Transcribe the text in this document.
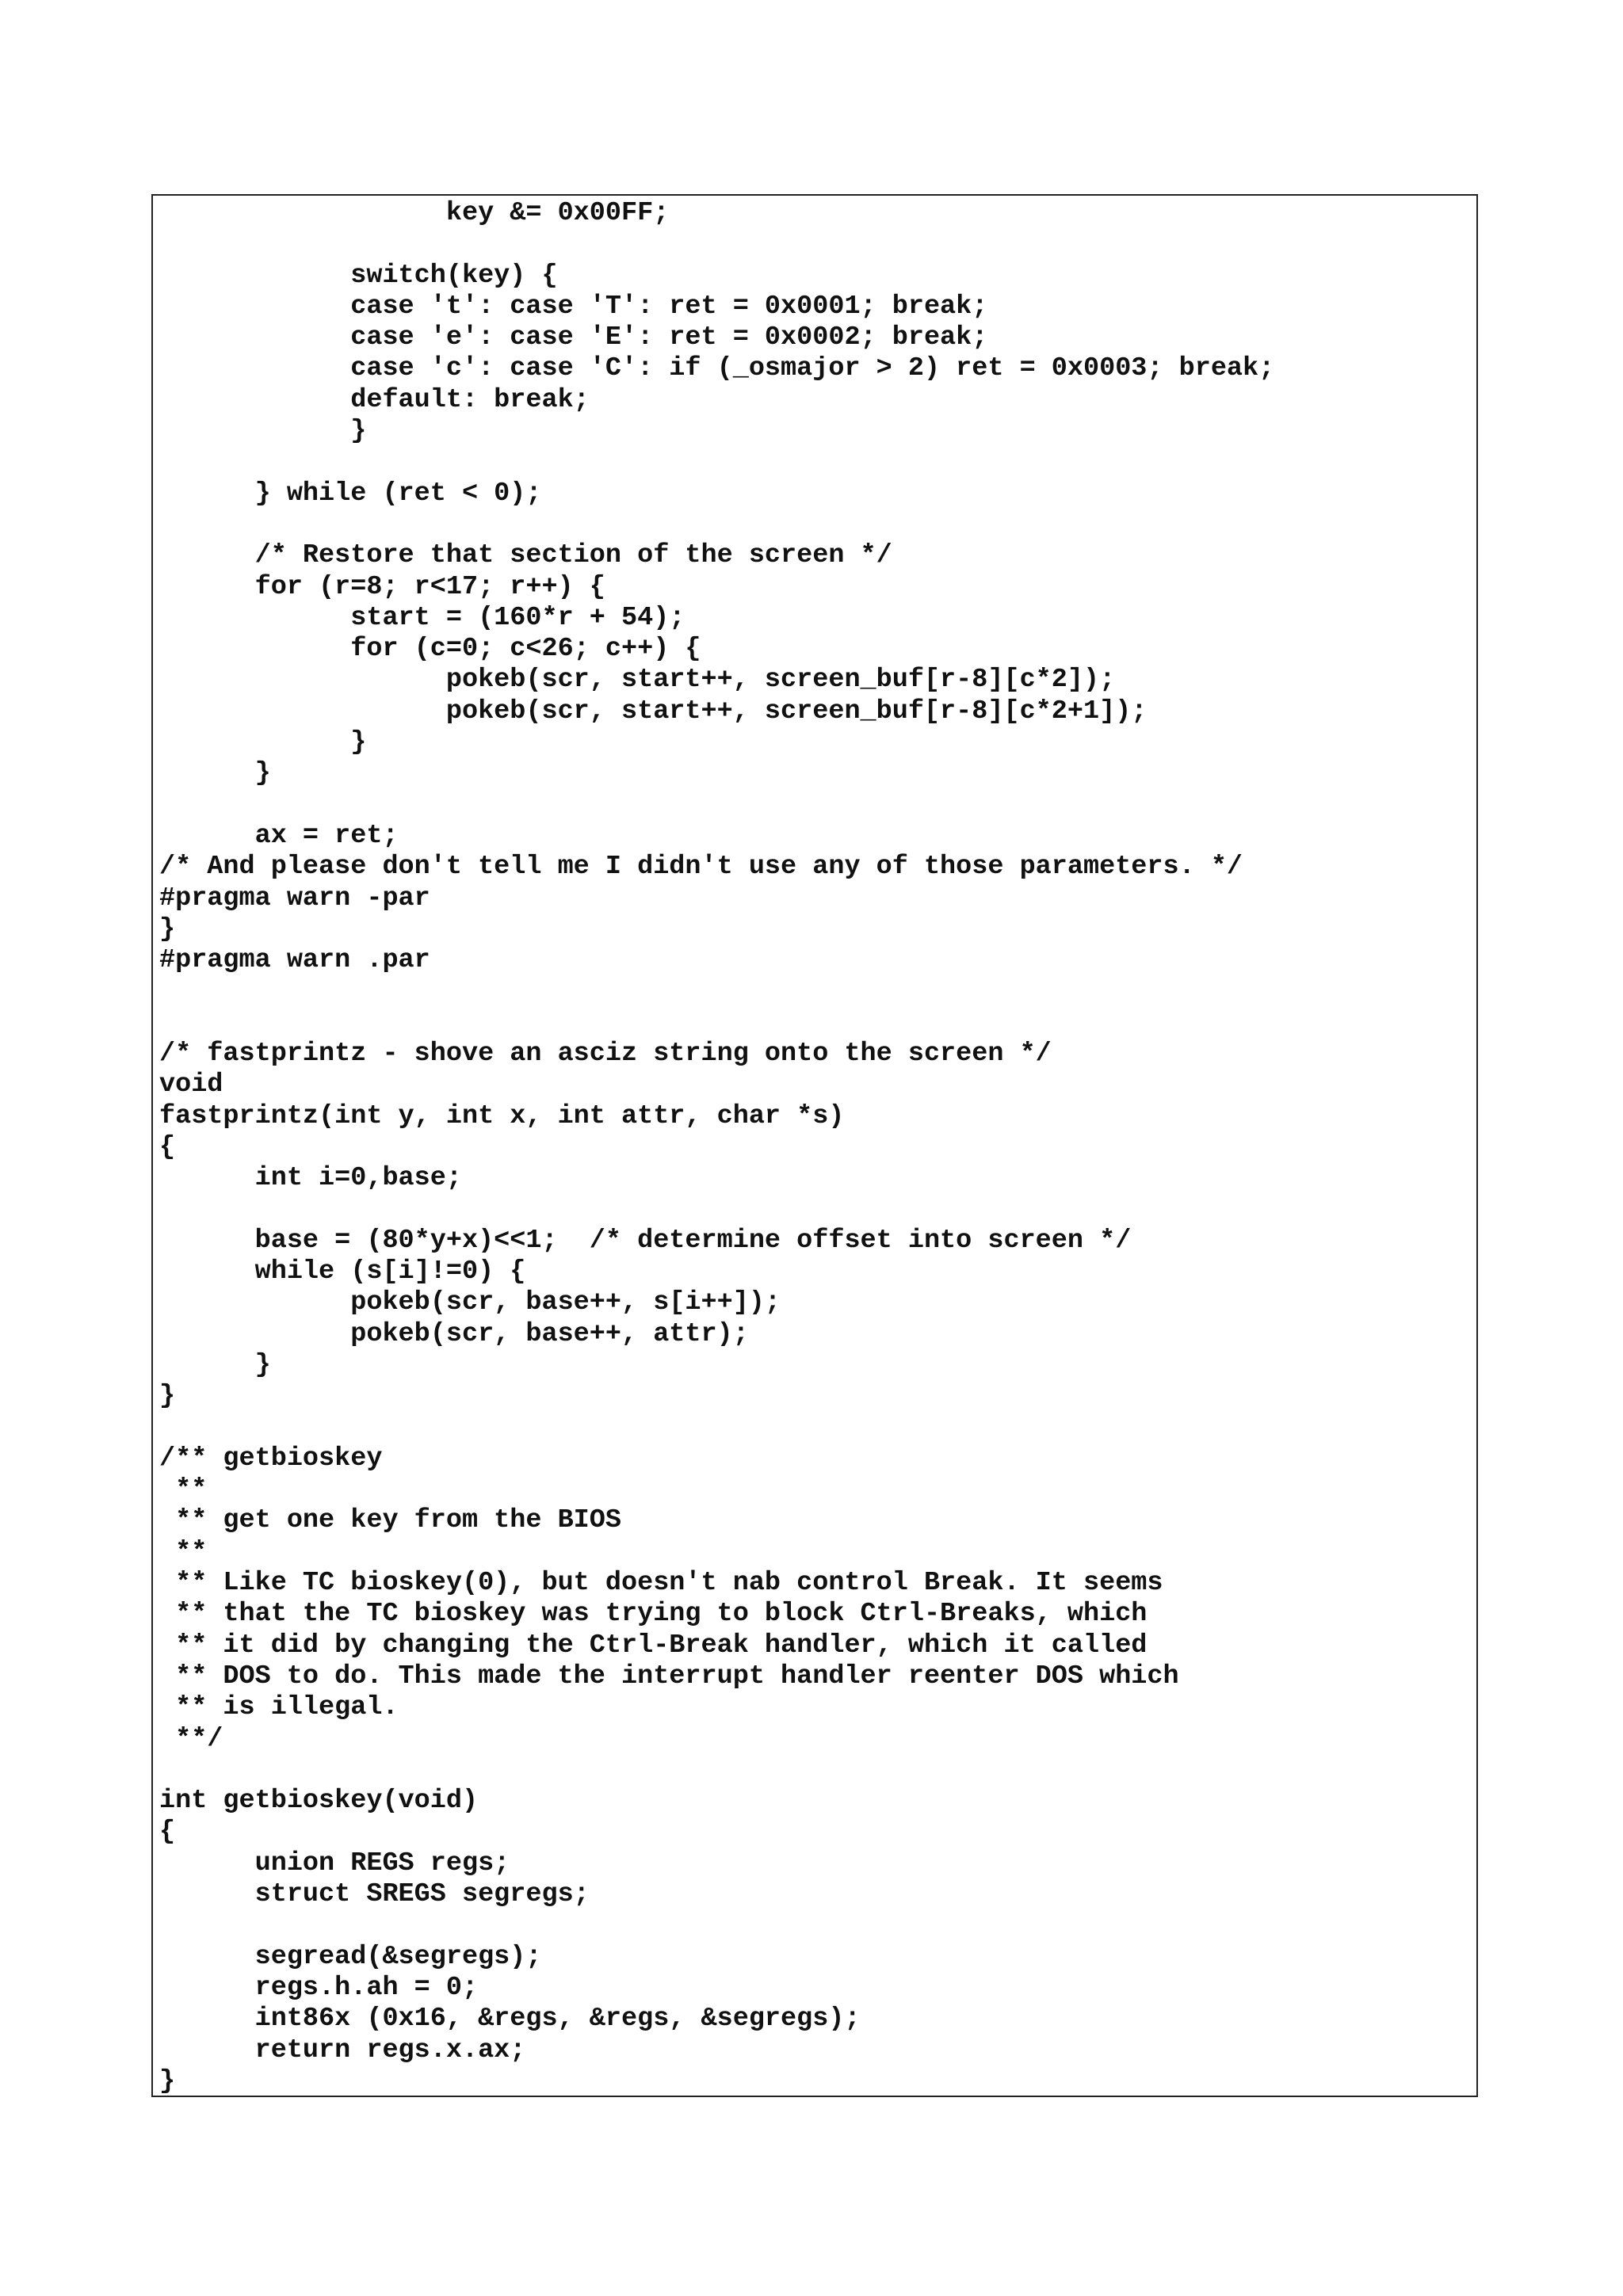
key &= 0x00FF;
switch(key) {
case 't': case 'T': ret = 0x0001; break;
case 'e': case 'E': ret = 0x0002; break;
case 'c': case 'C': if (_osmajor > 2) ret = 0x0003; break;
default: break;
}
} while (ret < 0);
/* Restore that section of the screen */
for (r=8; r<17; r++) {
start = (160*r + 54);
for (c=0; c<26; c++) {
pokeb(scr, start++, screen_buf[r-8][c*2]);
pokeb(scr, start++, screen_buf[r-8][c*2+1]);
}
}
ax = ret;
/* And please don't tell me I didn't use any of those parameters. */
#pragma warn -par
}
#pragma warn .par
/* fastprintz - shove an asciz string onto the screen */
void
fastprintz(int y, int x, int attr, char *s)
{
int i=0,base;
base = (80*y+x)<<1;  /* determine offset into screen */
while (s[i]!=0) {
pokeb(scr, base++, s[i++]);
pokeb(scr, base++, attr);
}
}
/** getbioskey
**
** get one key from the BIOS
**
** Like TC bioskey(0), but doesn't nab control Break. It seems
** that the TC bioskey was trying to block Ctrl-Breaks, which
** it did by changing the Ctrl-Break handler, which it called
** DOS to do. This made the interrupt handler reenter DOS which
** is illegal.
**/
int getbioskey(void)
{
union REGS regs;
struct SREGS segregs;
segread(&segregs);
regs.h.ah = 0;
int86x (0x16, &regs, &regs, &segregs);
return regs.x.ax;
}
